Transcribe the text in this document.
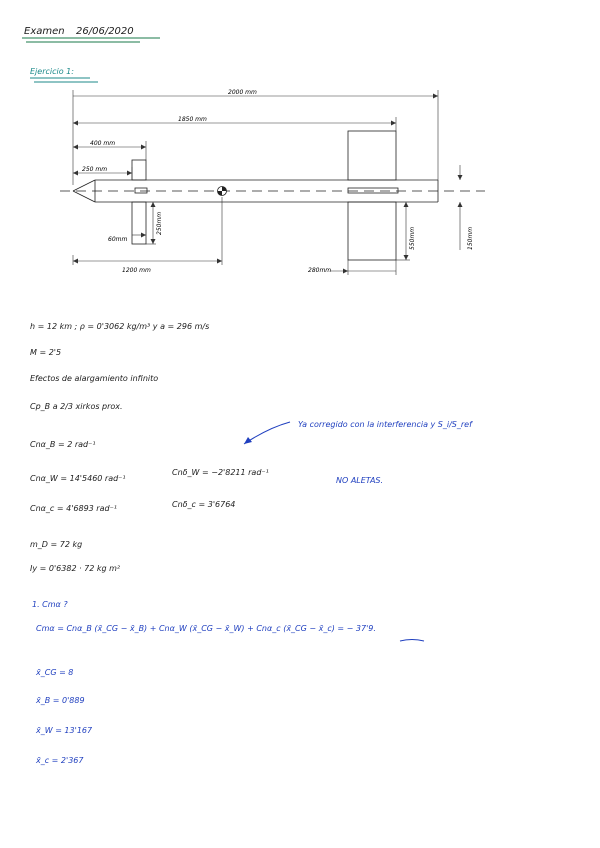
Examen 26/06/2020
Ejercicio 1:
2000 mm
1850 mm
400 mm
250 mm
60mm
250mm
1200 mm	280mm
550mm	150mm
h = 12 km ; ρ = 0'3062 kg/m³ y a = 296 m/s
M = 2'5
Efectos de alargamiento infinito
Cp_B a 2/3 xirkos prox.
Ya corregido con la interferencia y S_i/S_ref
Cnα_B = 2 rad⁻¹
Cnα_W = 14'5460 rad⁻¹
Cnδ_W = −2'8211 rad⁻¹
NO ALETAS.
Cnα_c = 4'6893 rad⁻¹	Cnδ_c = 3'6764
m_D = 72 kg
Iy = 0'6382 · 72 kg m²
1. Cmα ?
Cmα = Cnα_B (x̄_CG − x̄_B) + Cnα_W (x̄_CG − x̄_W) + Cnα_c (x̄_CG − x̄_c) = − 37'9.
x̄_CG = 8
x̄_B = 0'889
x̄_W = 13'167
x̄_c = 2'367
